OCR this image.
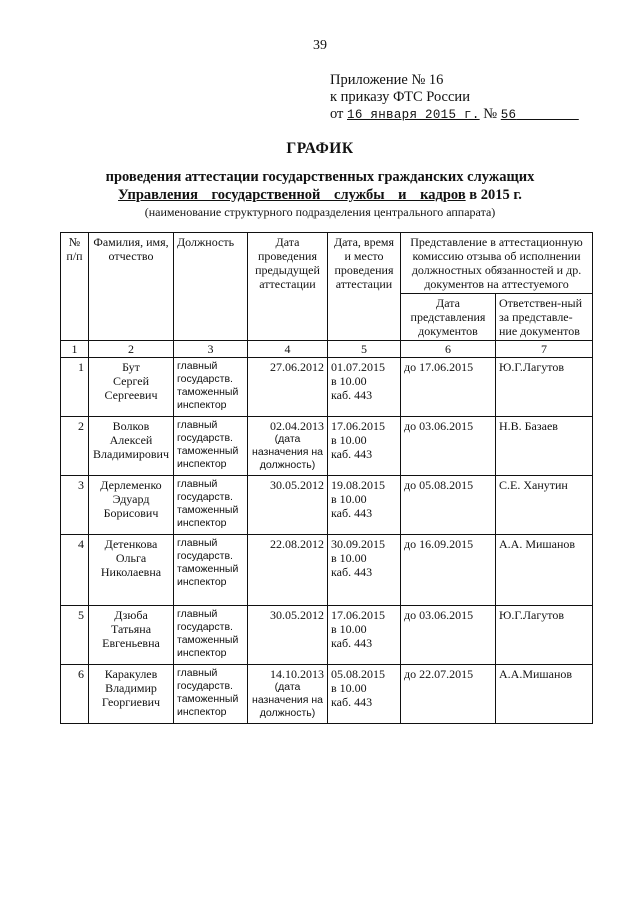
39
Приложение № 16
к приказу ФТС России
от 16 января 2015 г. № 56
ГРАФИК
проведения аттестации государственных гражданских служащих
Управления государственной службы и кадров в 2015 г.
(наименование структурного подразделения центрального аппарата)
№ п/п	Фамилия, имя, отчество	Должность	Дата проведения предыдущей аттестации	Дата, время и место проведения аттестации	Представление в аттестационную комиссию отзыва об исполнении должностных обязанностей и др. документов на аттестуемого	
					Дата представления документов	Ответствен-ный за представле-ние документов
1	2	3	4	5	6	7
1	Бут
Сергей
Сергеевич	главный
государств.
таможенный
инспектор	27.06.2012	01.07.2015
в 10.00
каб. 443	до 17.06.2015	Ю.Г.Лагутов
2	Волков
Алексей
Владимирович	главный
государств.
таможенный
инспектор	02.04.2013
(дата назначения на должность)	17.06.2015
в 10.00
каб. 443	до 03.06.2015	Н.В. Базаев
3	Дерлеменко
Эдуард
Борисович	главный
государств.
таможенный
инспектор	30.05.2012	19.08.2015
в 10.00
каб. 443	до 05.08.2015	С.Е. Ханутин
4	Детенкова
Ольга
Николаевна	главный
государств.
таможенный
инспектор	22.08.2012	30.09.2015
в 10.00
каб. 443	до 16.09.2015	А.А. Мишанов
5	Дзюба
Татьяна
Евгеньевна	главный
государств.
таможенный
инспектор	30.05.2012	17.06.2015
в 10.00
каб. 443	до 03.06.2015	Ю.Г.Лагутов
6	Каракулев
Владимир
Георгиевич	главный
государств.
таможенный
инспектор	14.10.2013
(дата назначения на должность)	05.08.2015
в 10.00
каб. 443	до 22.07.2015	А.А.Мишанов
